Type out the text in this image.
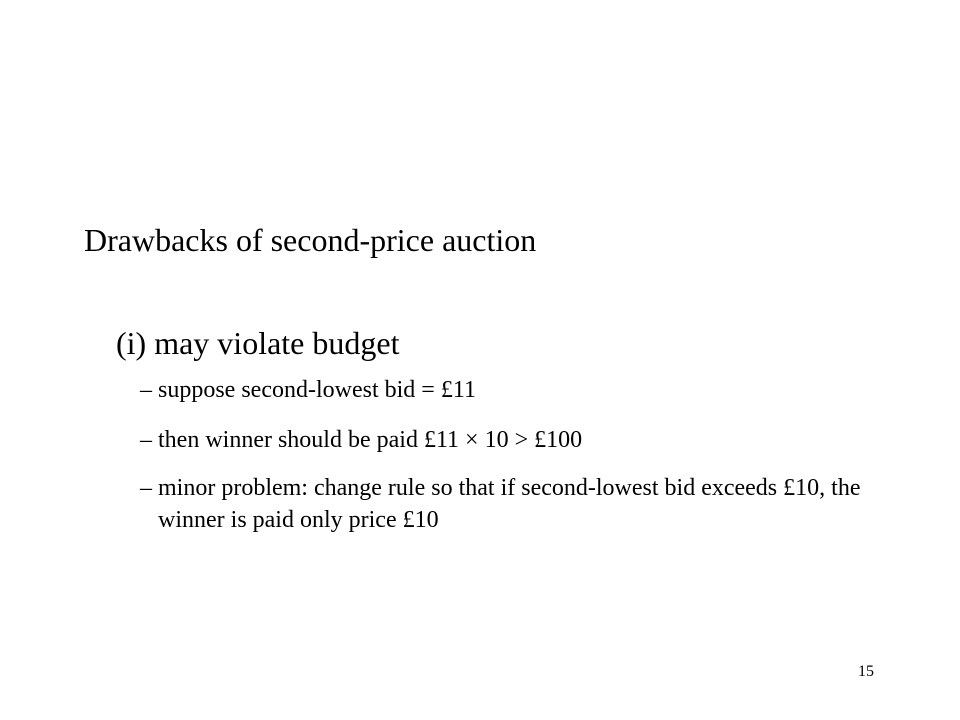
Drawbacks of second-price auction
(i) may violate budget
– suppose second-lowest bid = £11
– then winner should be paid £11 × 10 > £100
– minor problem: change rule so that if second-lowest bid exceeds £10, the winner is paid only price £10
15
